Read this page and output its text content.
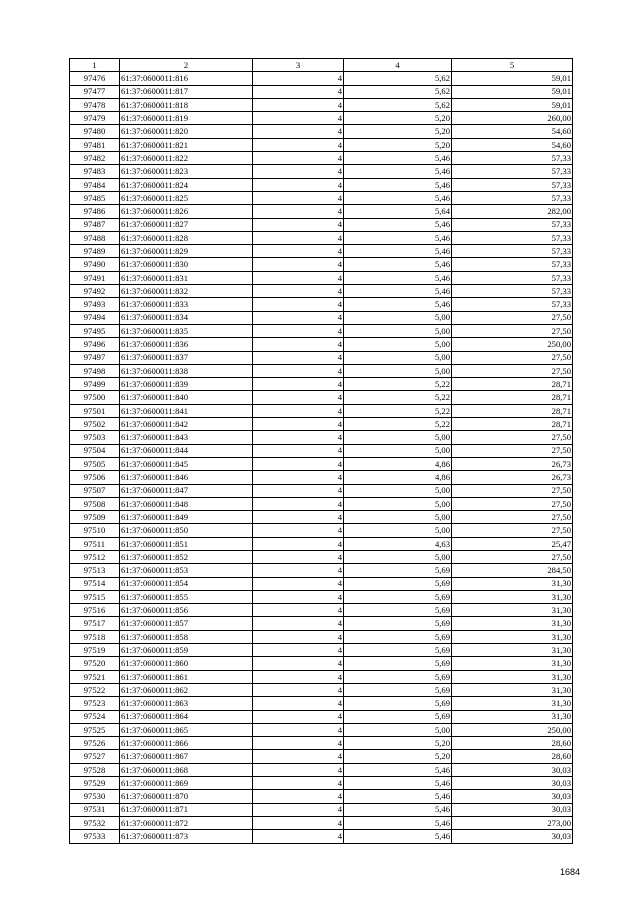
1	2	3	4	5
97476	61:37:0600011:816	4	5,62	59,01
97477	61:37:0600011:817	4	5,62	59,01
97478	61:37:0600011:818	4	5,62	59,01
97479	61:37:0600011:819	4	5,20	260,00
97480	61:37:0600011:820	4	5,20	54,60
97481	61:37:0600011:821	4	5,20	54,60
97482	61:37:0600011:822	4	5,46	57,33
97483	61:37:0600011:823	4	5,46	57,33
97484	61:37:0600011:824	4	5,46	57,33
97485	61:37:0600011:825	4	5,46	57,33
97486	61:37:0600011:826	4	5,64	282,00
97487	61:37:0600011:827	4	5,46	57,33
97488	61:37:0600011:828	4	5,46	57,33
97489	61:37:0600011:829	4	5,46	57,33
97490	61:37:0600011:830	4	5,46	57,33
97491	61:37:0600011:831	4	5,46	57,33
97492	61:37:0600011:832	4	5,46	57,33
97493	61:37:0600011:833	4	5,46	57,33
97494	61:37:0600011:834	4	5,00	27,50
97495	61:37:0600011:835	4	5,00	27,50
97496	61:37:0600011:836	4	5,00	250,00
97497	61:37:0600011:837	4	5,00	27,50
97498	61:37:0600011:838	4	5,00	27,50
97499	61:37:0600011:839	4	5,22	28,71
97500	61:37:0600011:840	4	5,22	28,71
97501	61:37:0600011:841	4	5,22	28,71
97502	61:37:0600011:842	4	5,22	28,71
97503	61:37:0600011:843	4	5,00	27,50
97504	61:37:0600011:844	4	5,00	27,50
97505	61:37:0600011:845	4	4,86	26,73
97506	61:37:0600011:846	4	4,86	26,73
97507	61:37:0600011:847	4	5,00	27,50
97508	61:37:0600011:848	4	5,00	27,50
97509	61:37:0600011:849	4	5,00	27,50
97510	61:37:0600011:850	4	5,00	27,50
97511	61:37:0600011:851	4	4,63	25,47
97512	61:37:0600011:852	4	5,00	27,50
97513	61:37:0600011:853	4	5,69	284,50
97514	61:37:0600011:854	4	5,69	31,30
97515	61:37:0600011:855	4	5,69	31,30
97516	61:37:0600011:856	4	5,69	31,30
97517	61:37:0600011:857	4	5,69	31,30
97518	61:37:0600011:858	4	5,69	31,30
97519	61:37:0600011:859	4	5,69	31,30
97520	61:37:0600011:860	4	5,69	31,30
97521	61:37:0600011:861	4	5,69	31,30
97522	61:37:0600011:862	4	5,69	31,30
97523	61:37:0600011:863	4	5,69	31,30
97524	61:37:0600011:864	4	5,69	31,30
97525	61:37:0600011:865	4	5,00	250,00
97526	61:37:0600011:866	4	5,20	28,60
97527	61:37:0600011:867	4	5,20	28,60
97528	61:37:0600011:868	4	5,46	30,03
97529	61:37:0600011:869	4	5,46	30,03
97530	61:37:0600011:870	4	5,46	30,03
97531	61:37:0600011:871	4	5,46	30,03
97532	61:37:0600011:872	4	5,46	273,00
97533	61:37:0600011:873	4	5,46	30,03
1684
